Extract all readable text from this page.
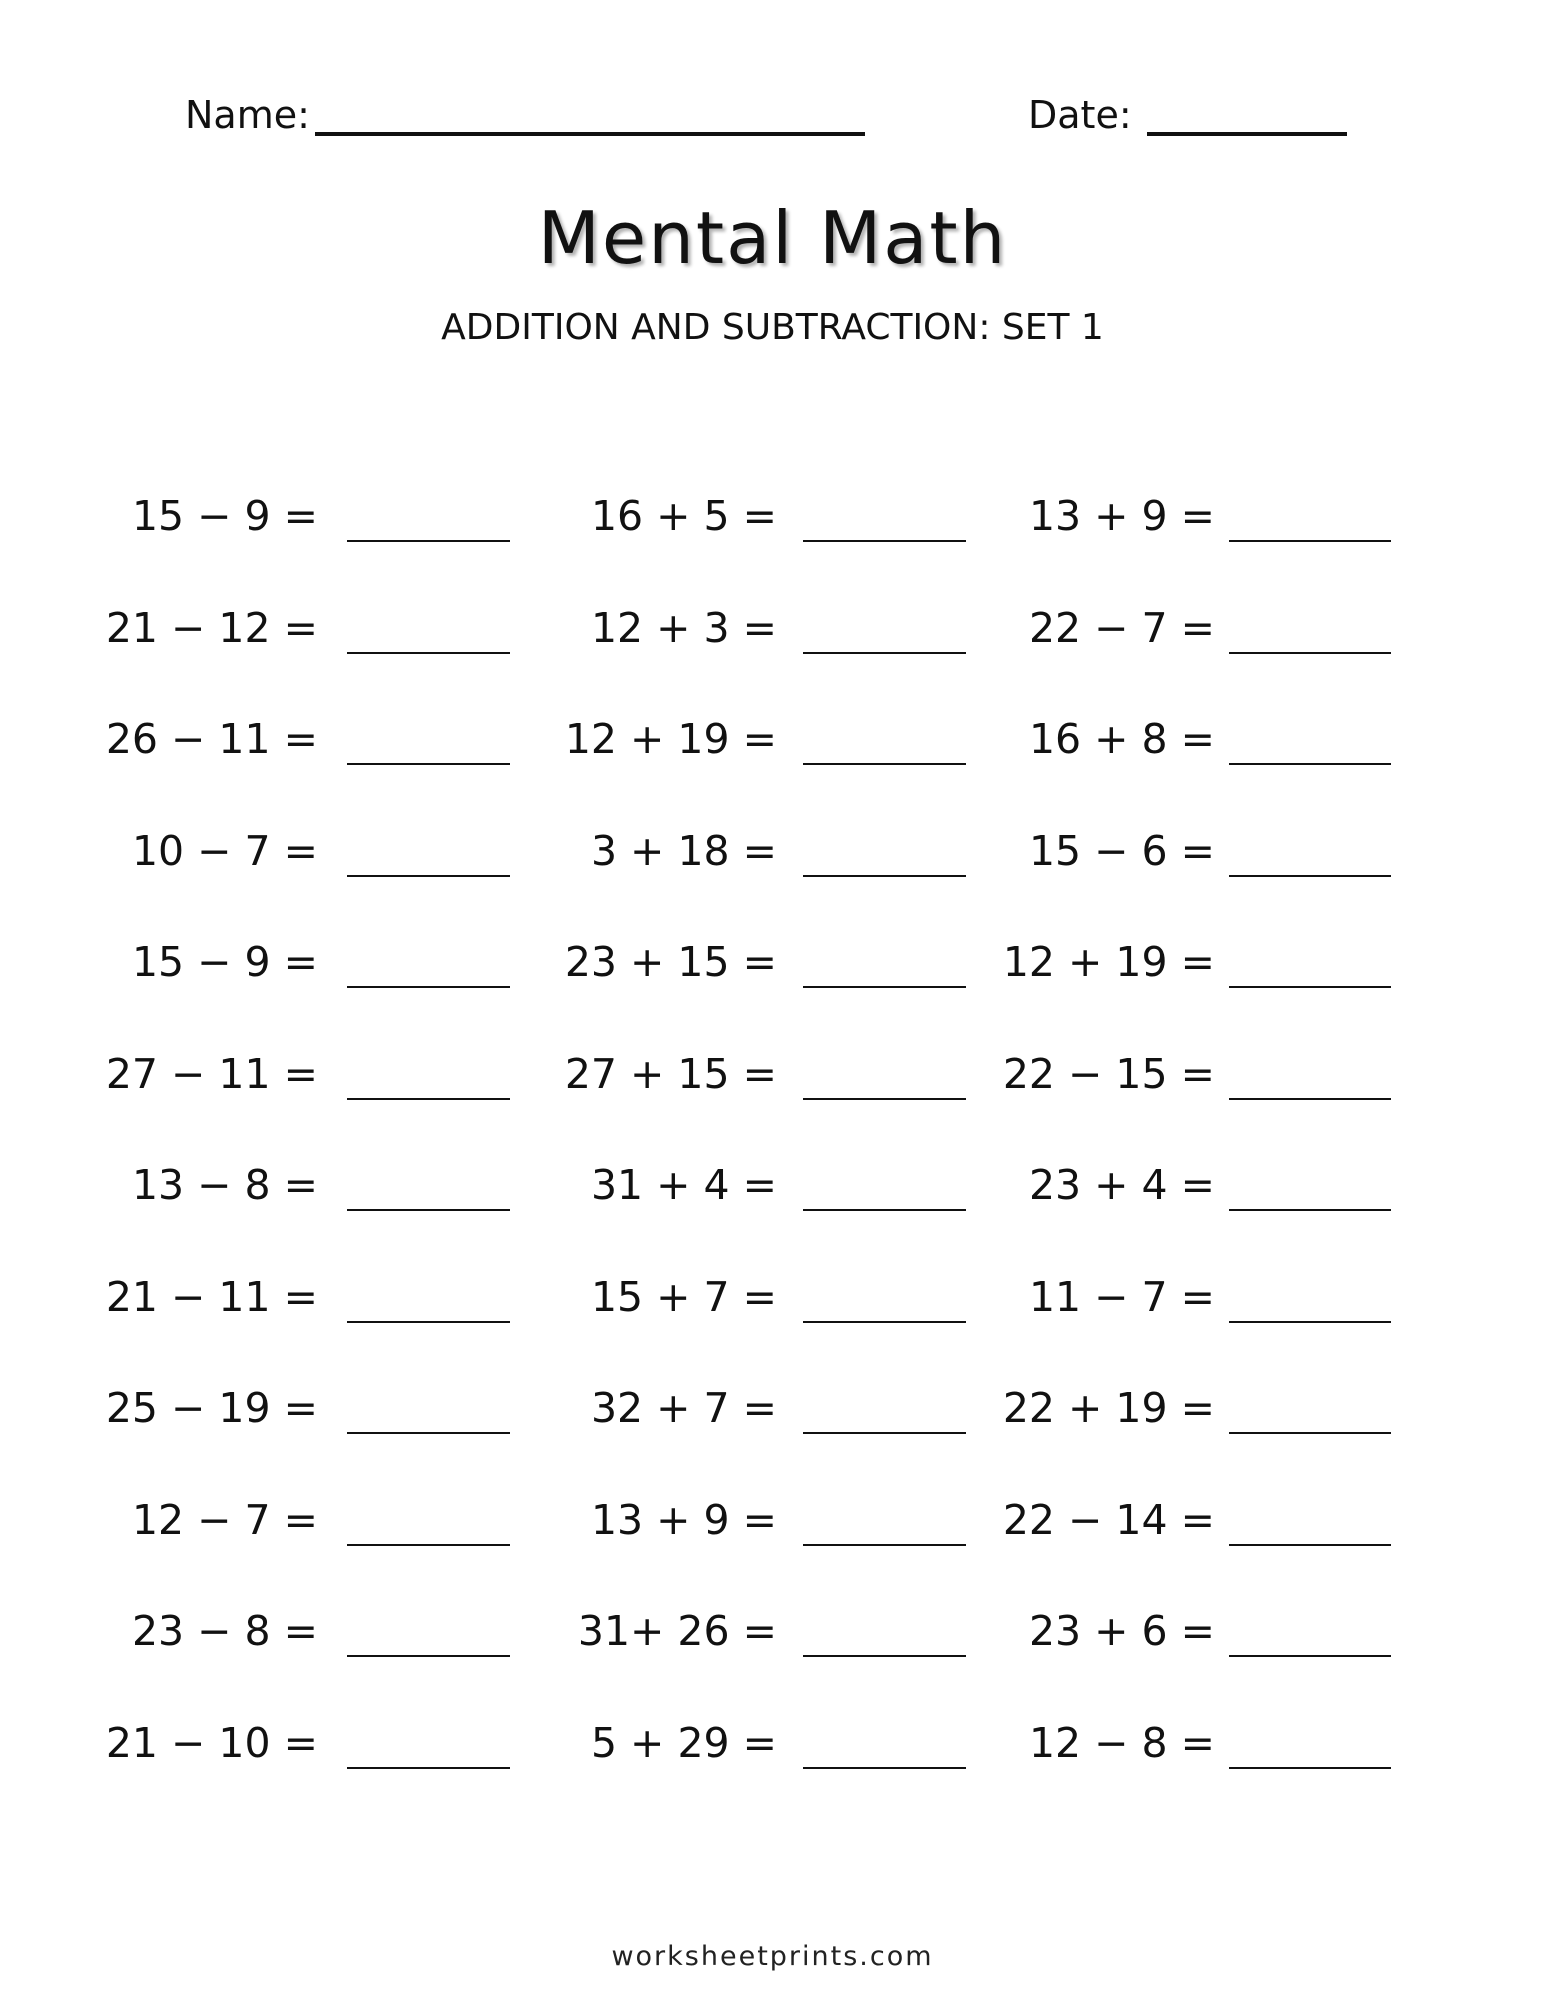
Name:	Date:
Mental Math
ADDITION AND SUBTRACTION: SET 1
15 − 9 =	16 + 5 =	13 + 9 =
21 − 12 =	12 + 3 =	22 − 7 =
26 − 11 =	12 + 19 =	16 + 8 =
10 − 7 =	3 + 18 =	15 − 6 =
15 − 9 =	23 + 15 =	12 + 19 =
27 − 11 =	27 + 15 =	22 − 15 =
13 − 8 =	31 + 4 =	23 + 4 =
21 − 11 =	15 + 7 =	11 − 7 =
25 − 19 =	32 + 7 =	22 + 19 =
12 − 7 =	13 + 9 =	22 − 14 =
23 − 8 =	31+ 26 =	23 + 6 =
21 − 10 =	5 + 29 =	12 − 8 =
worksheetprints.com
